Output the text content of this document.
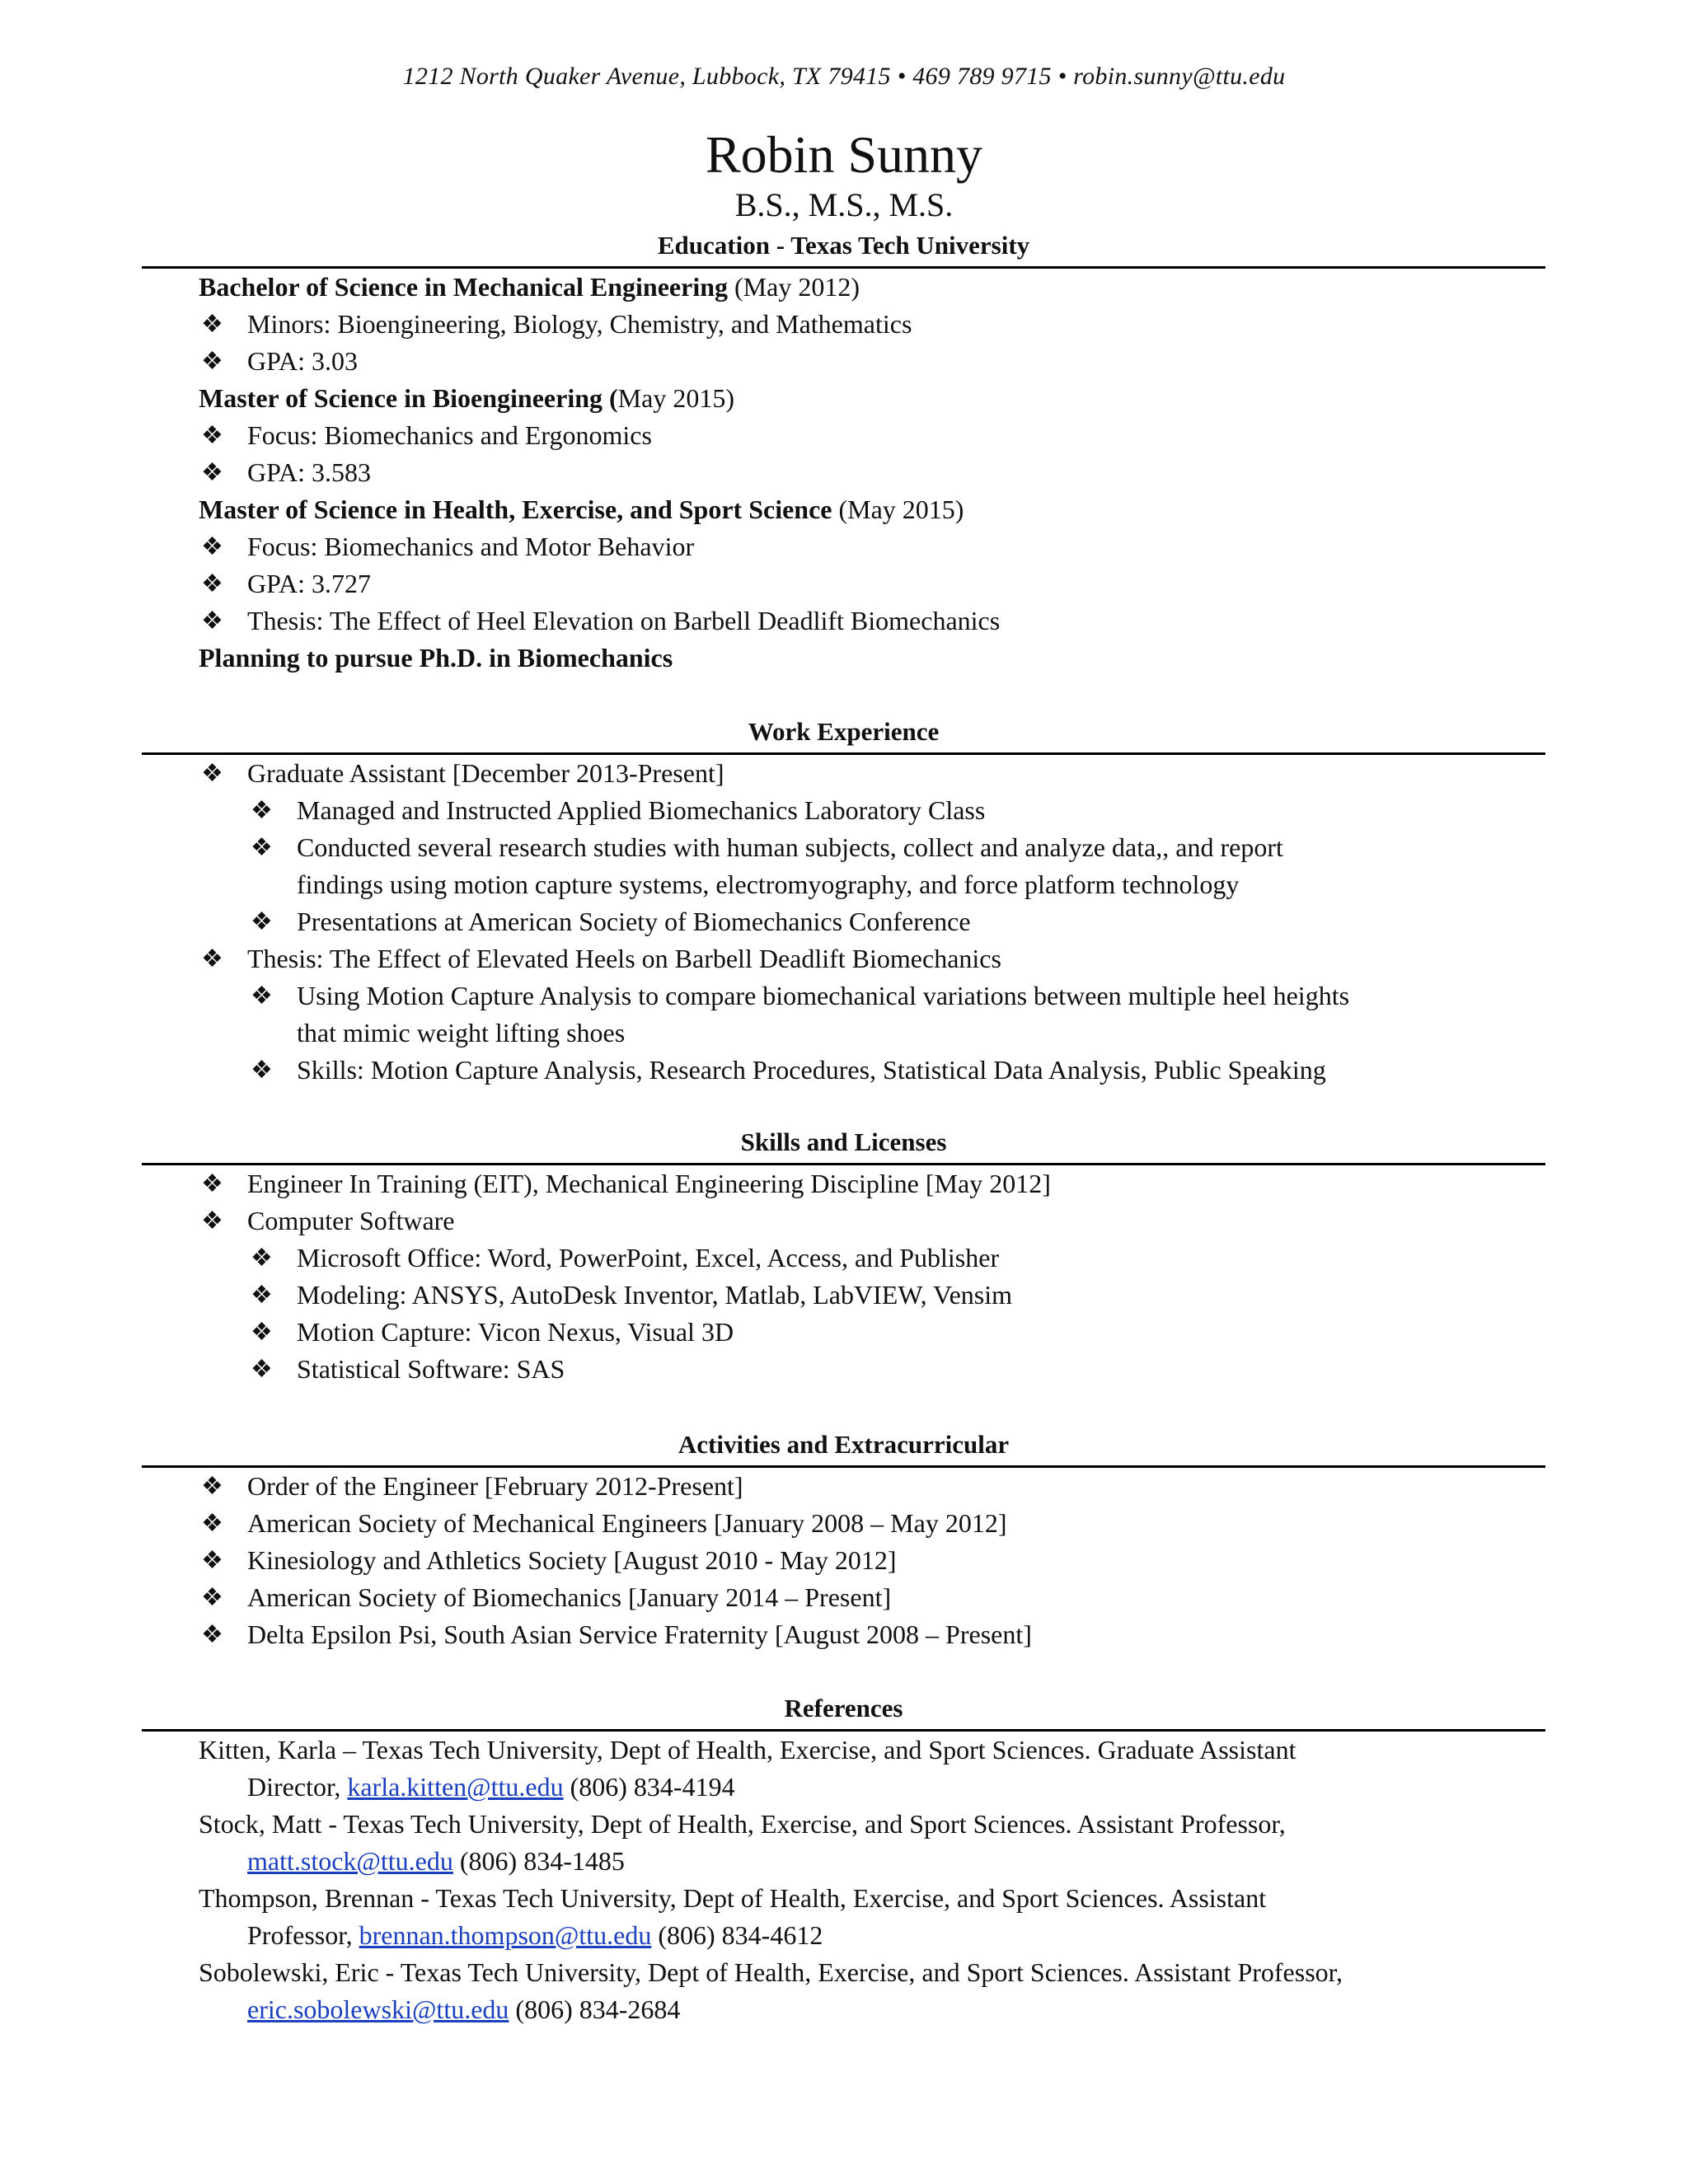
1212 North Quaker Avenue, Lubbock, TX 79415 • 469 789 9715 • robin.sunny@ttu.edu
Robin Sunny
B.S., M.S., M.S.
Education - Texas Tech University
Bachelor of Science in Mechanical Engineering (May 2012)
❖ Minors: Bioengineering, Biology, Chemistry, and Mathematics
❖ GPA: 3.03
Master of Science in Bioengineering (May 2015)
❖ Focus: Biomechanics and Ergonomics
❖ GPA: 3.583
Master of Science in Health, Exercise, and Sport Science (May 2015)
❖ Focus: Biomechanics and Motor Behavior
❖ GPA: 3.727
❖ Thesis: The Effect of Heel Elevation on Barbell Deadlift Biomechanics
Planning to pursue Ph.D. in Biomechanics
Work Experience
❖ Graduate Assistant [December 2013-Present]
❖ Managed and Instructed Applied Biomechanics Laboratory Class
❖ Conducted several research studies with human subjects, collect and analyze data,, and report
findings using motion capture systems, electromyography, and force platform technology
❖ Presentations at American Society of Biomechanics Conference
❖ Thesis: The Effect of Elevated Heels on Barbell Deadlift Biomechanics
❖ Using Motion Capture Analysis to compare biomechanical variations between multiple heel heights
that mimic weight lifting shoes
❖ Skills: Motion Capture Analysis, Research Procedures, Statistical Data Analysis, Public Speaking
Skills and Licenses
❖ Engineer In Training (EIT), Mechanical Engineering Discipline [May 2012]
❖ Computer Software
❖ Microsoft Office: Word, PowerPoint, Excel, Access, and Publisher
❖ Modeling: ANSYS, AutoDesk Inventor, Matlab, LabVIEW, Vensim
❖ Motion Capture: Vicon Nexus, Visual 3D
❖ Statistical Software: SAS
Activities and Extracurricular
❖ Order of the Engineer [February 2012-Present]
❖ American Society of Mechanical Engineers [January 2008 – May 2012]
❖ Kinesiology and Athletics Society [August 2010 - May 2012]
❖ American Society of Biomechanics [January 2014 – Present]
❖ Delta Epsilon Psi, South Asian Service Fraternity [August 2008 – Present]
References
Kitten, Karla – Texas Tech University, Dept of Health, Exercise, and Sport Sciences. Graduate Assistant
Director, karla.kitten@ttu.edu (806) 834-4194
Stock, Matt - Texas Tech University, Dept of Health, Exercise, and Sport Sciences. Assistant Professor,
matt.stock@ttu.edu (806) 834-1485
Thompson, Brennan - Texas Tech University, Dept of Health, Exercise, and Sport Sciences. Assistant
Professor, brennan.thompson@ttu.edu (806) 834-4612
Sobolewski, Eric - Texas Tech University, Dept of Health, Exercise, and Sport Sciences. Assistant Professor,
eric.sobolewski@ttu.edu (806) 834-2684
